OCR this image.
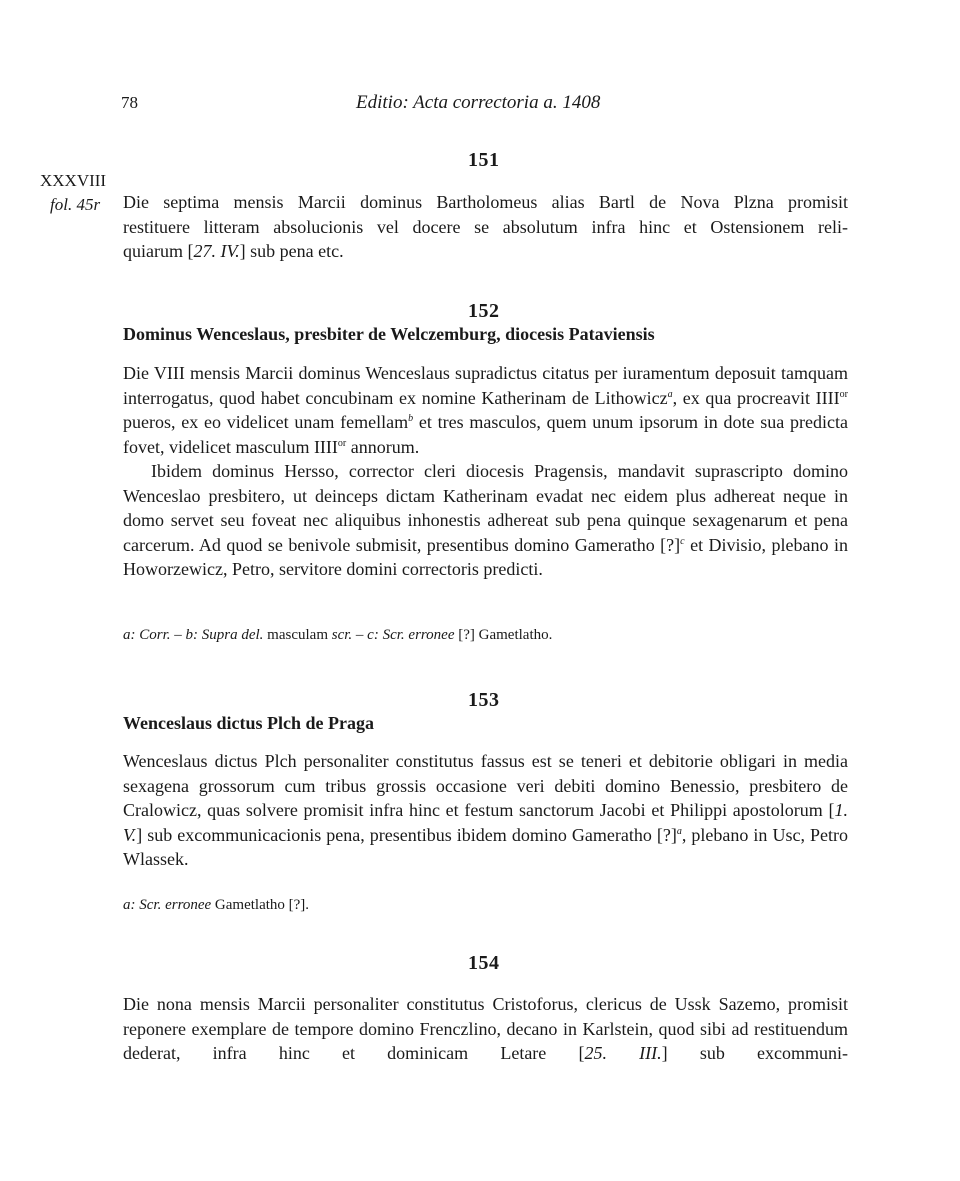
78	Editio: Acta correctoria a. 1408
XXXVIII
fol. 45r
151

Die septima mensis Marcii dominus Bartholomeus alias Bartl de Nova Plzna promisit

restituere litteram absolucionis vel docere se absolutum infra hinc et Ostensionem reli-

quiarum [27. IV.] sub pena etc.

152
Dominus Wenceslaus, presbiter de Welczemburg, diocesis Pataviensis

Die VIII mensis Marcii dominus Wenceslaus supradictus citatus per iuramentum deposuit tamquam interrogatus, quod habet concubinam ex nomine Katherinam de Lithowicz$^a$, ex qua procreavit $IIII^{or}$ pueros, ex eo videlicet unam femellam$^b$ et tres masculos, quem unum ipsorum in dote sua predicta fovet, videlicet masculum $IIII^{or}$ annorum.

Ibidem dominus Hersso, corrector cleri diocesis Pragensis, mandavit suprascripto domino Wenceslao presbitero, ut deinceps dictam Katherinam evadat nec eidem plus adhereat neque in domo servet seu foveat nec aliquibus inhonestis adhereat sub pena quinque sexagenarum et pena carcerum. Ad quod se benivole submisit, presentibus domino Gameratho [?]$^c$ et Divisio, plebano in Howorzewicz, Petro, servitore domini correctoris predicti.

a: Corr. – b: Supra del. masculam scr. – c: Scr. erronee [?] Gametlatho.
153
Wenceslaus dictus Plch de Praga

Wenceslaus dictus Plch personaliter constitutus fassus est se teneri et debitorie obligari in media sexagena grossorum cum tribus grossis occasione veri debiti domino Benessio, presbitero de Cralowicz, quas solvere promisit infra hinc et festum sanctorum Jacobi et Philippi apostolorum [1. V.] sub excommunicacionis pena, presentibus ibidem domino Gameratho [?]$^a$, plebano in Usc, Petro Wlassek.

a: Scr. erronee Gametlatho [?].
154

Die nona mensis Marcii personaliter constitutus Cristoforus, clericus de Ussk Sazemo, promisit reponere exemplare de tempore domino Frenczlino, decano in Karlstein, quod sibi ad restituendum dederat, infra hinc et dominicam Letare [25. III.] sub excommuni-
